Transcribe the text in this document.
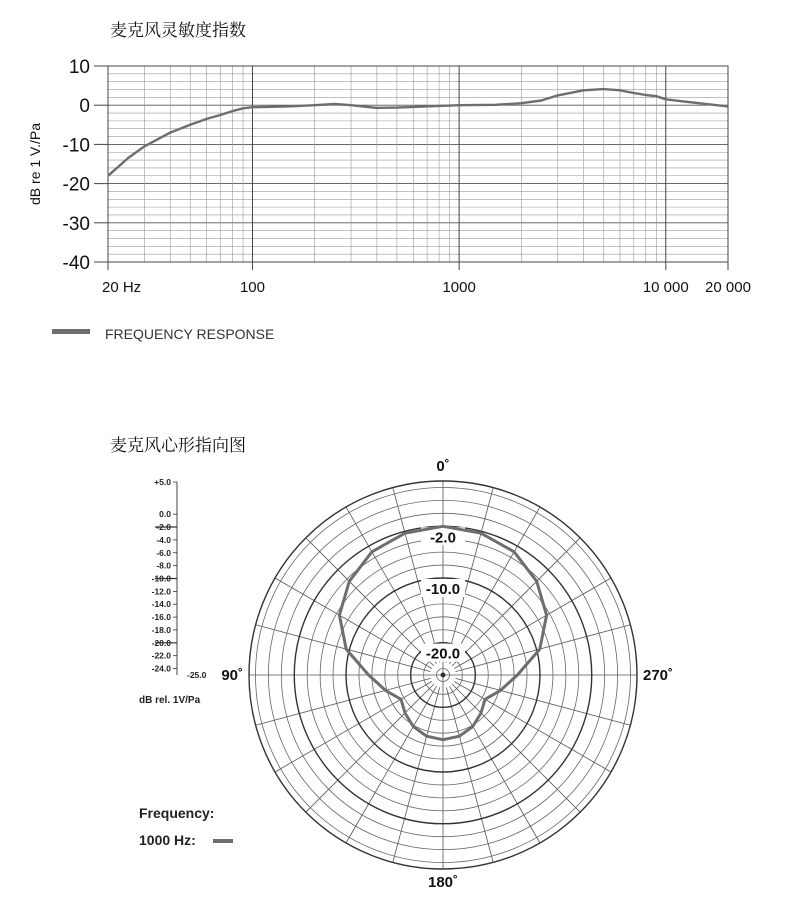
麦克风灵敏度指数
麦克风心形指向图
10
0
-10
-20
-30
-40
20 Hz	100	1000	10 000 20 000
dB re 1 V./Pa
FREQUENCY RESPONSE
0˚
90˚
180˚
270˚
-2.0
-10.0
-20.0
+5.0
0.0
-2.0
-4.0
-6.0
-8.0
-10.0
-12.0
-14.0
-16.0
-18.0
-20.0
-22.0
-24.0
-25.0
dB rel. 1V/Pa
Frequency:
1000 Hz:
